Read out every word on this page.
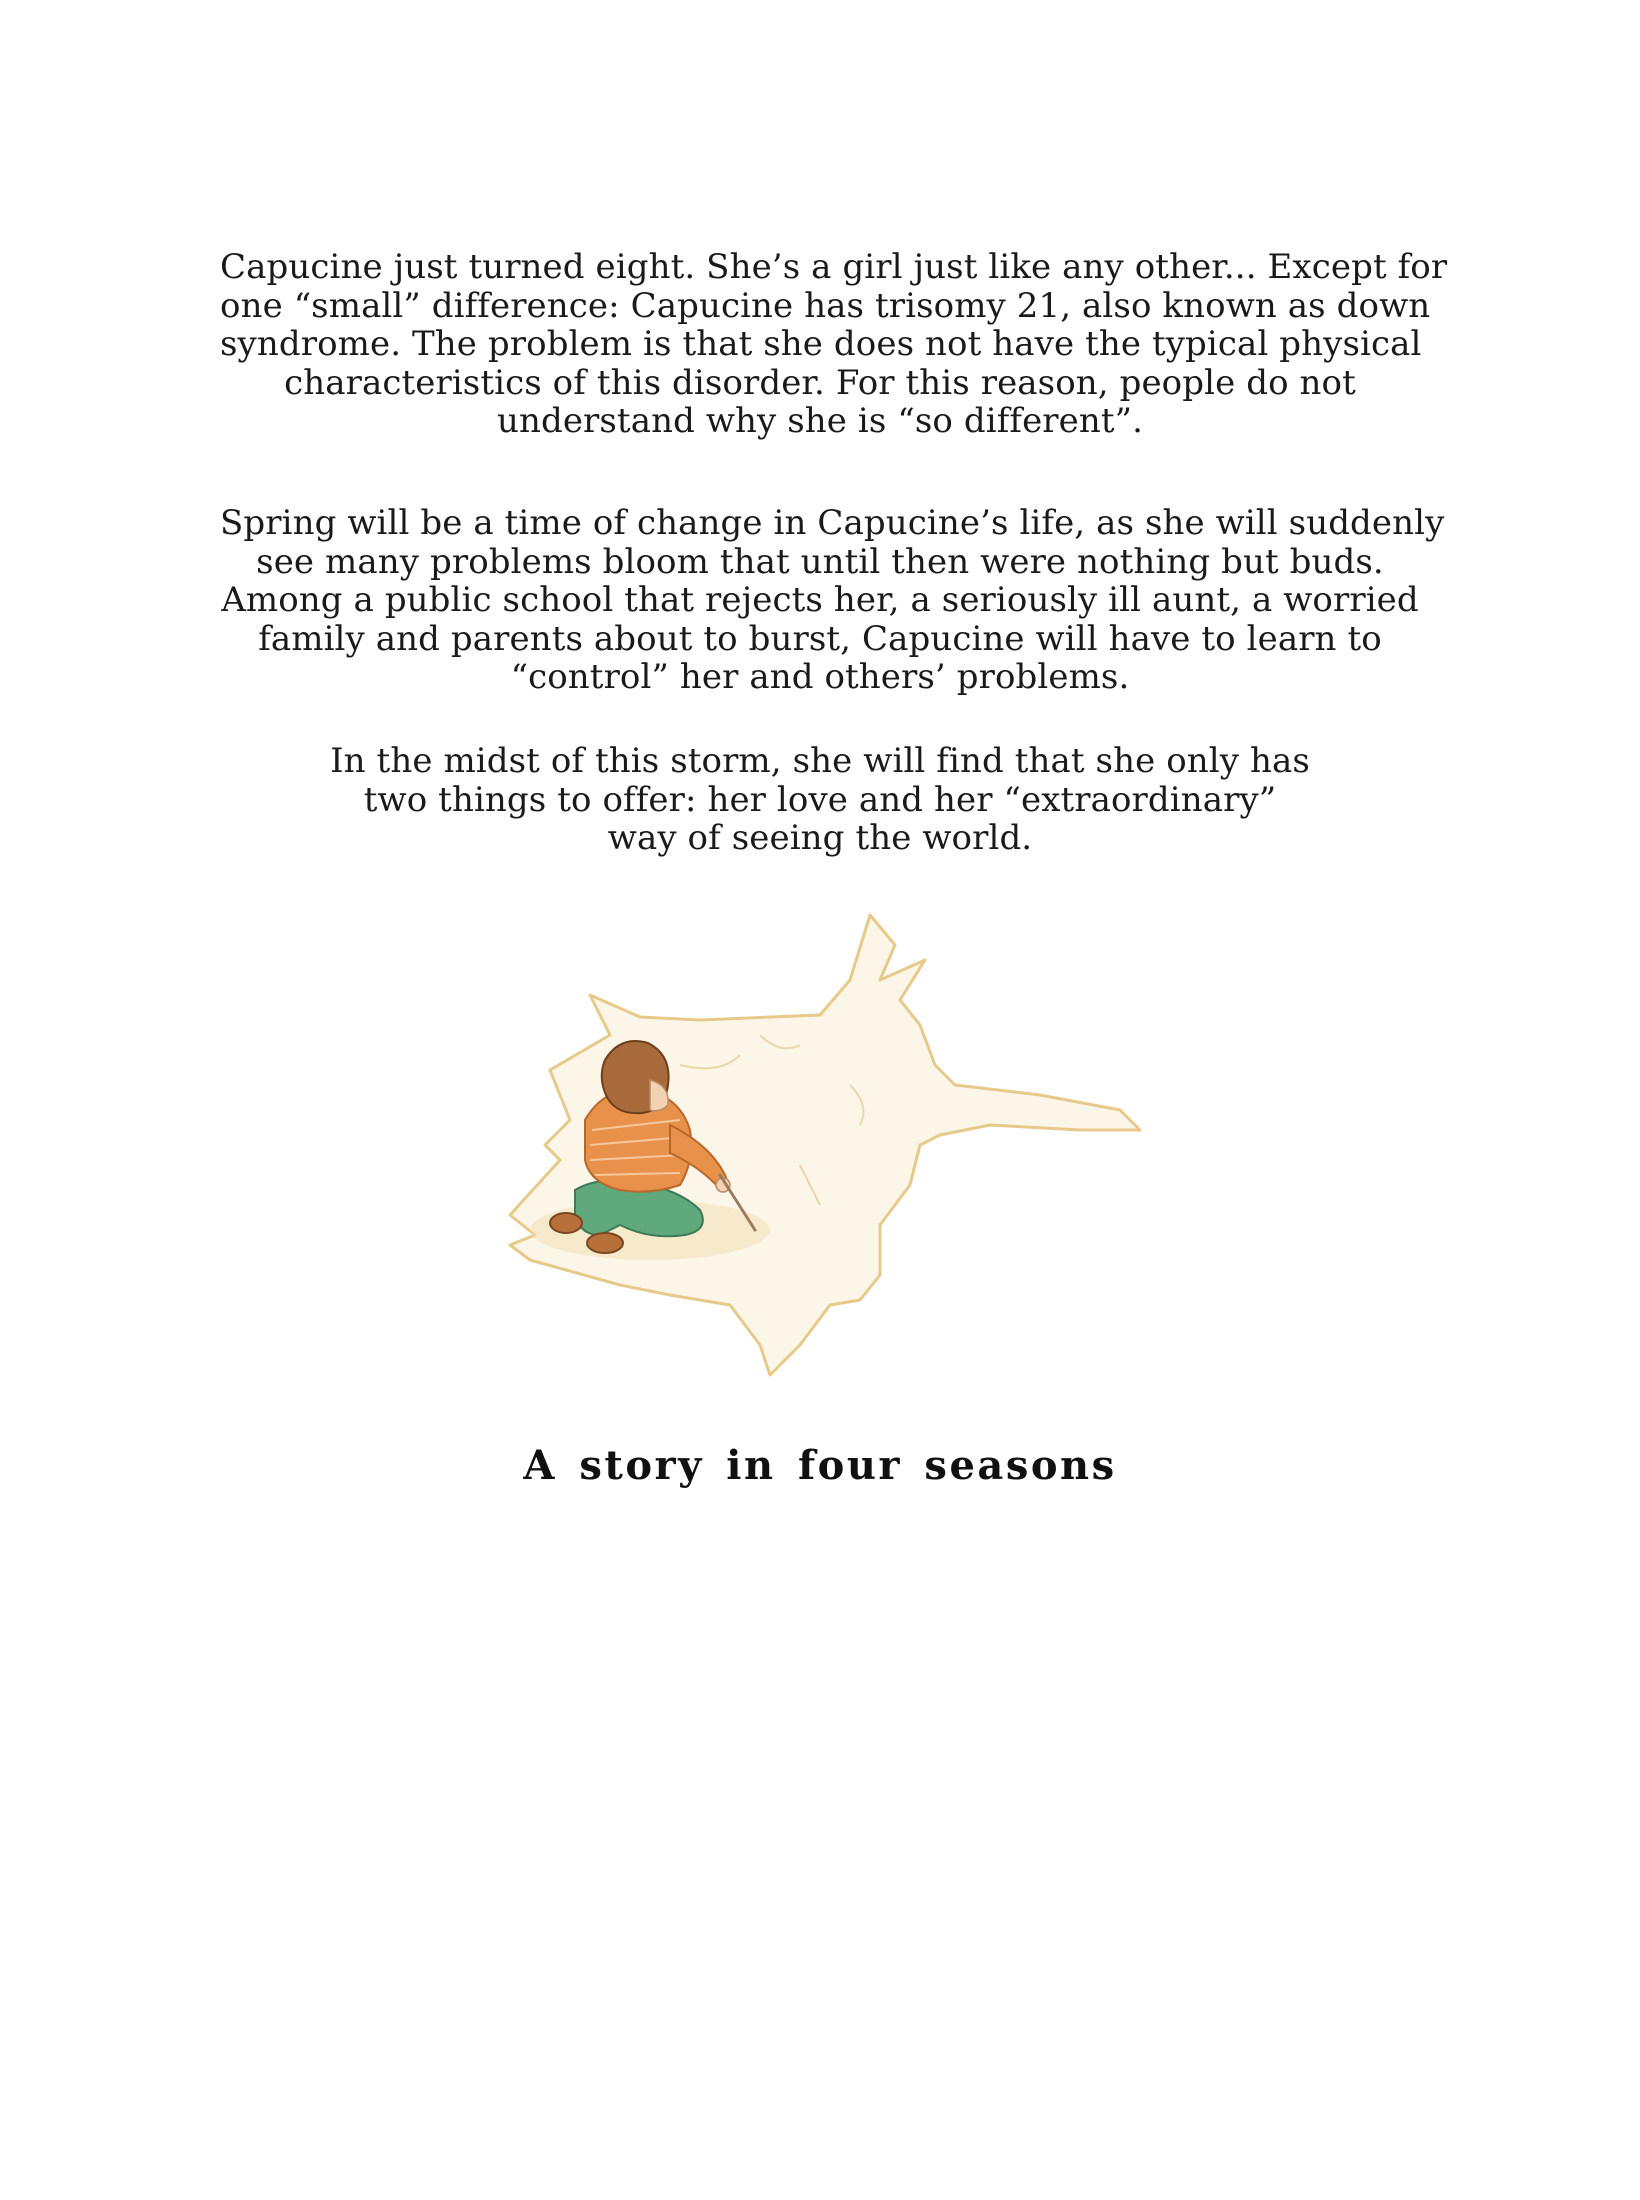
Capucine just turned eight. She’s a girl just like any other... Except for
one “small” difference: Capucine has trisomy 21, also known as down
syndrome. The problem is that she does not have the typical physical
characteristics of this disorder. For this reason, people do not
understand why she is “so different”.
Spring will be a time of change in Capucine’s life, as she will suddenly
see many problems bloom that until then were nothing but buds.
Among a public school that rejects her, a seriously ill aunt, a worried
family and parents about to burst, Capucine will have to learn to
“control” her and others’ problems.
In the midst of this storm, she will find that she only has
two things to offer: her love and her “extraordinary”
way of seeing the world.
A story in four seasons
